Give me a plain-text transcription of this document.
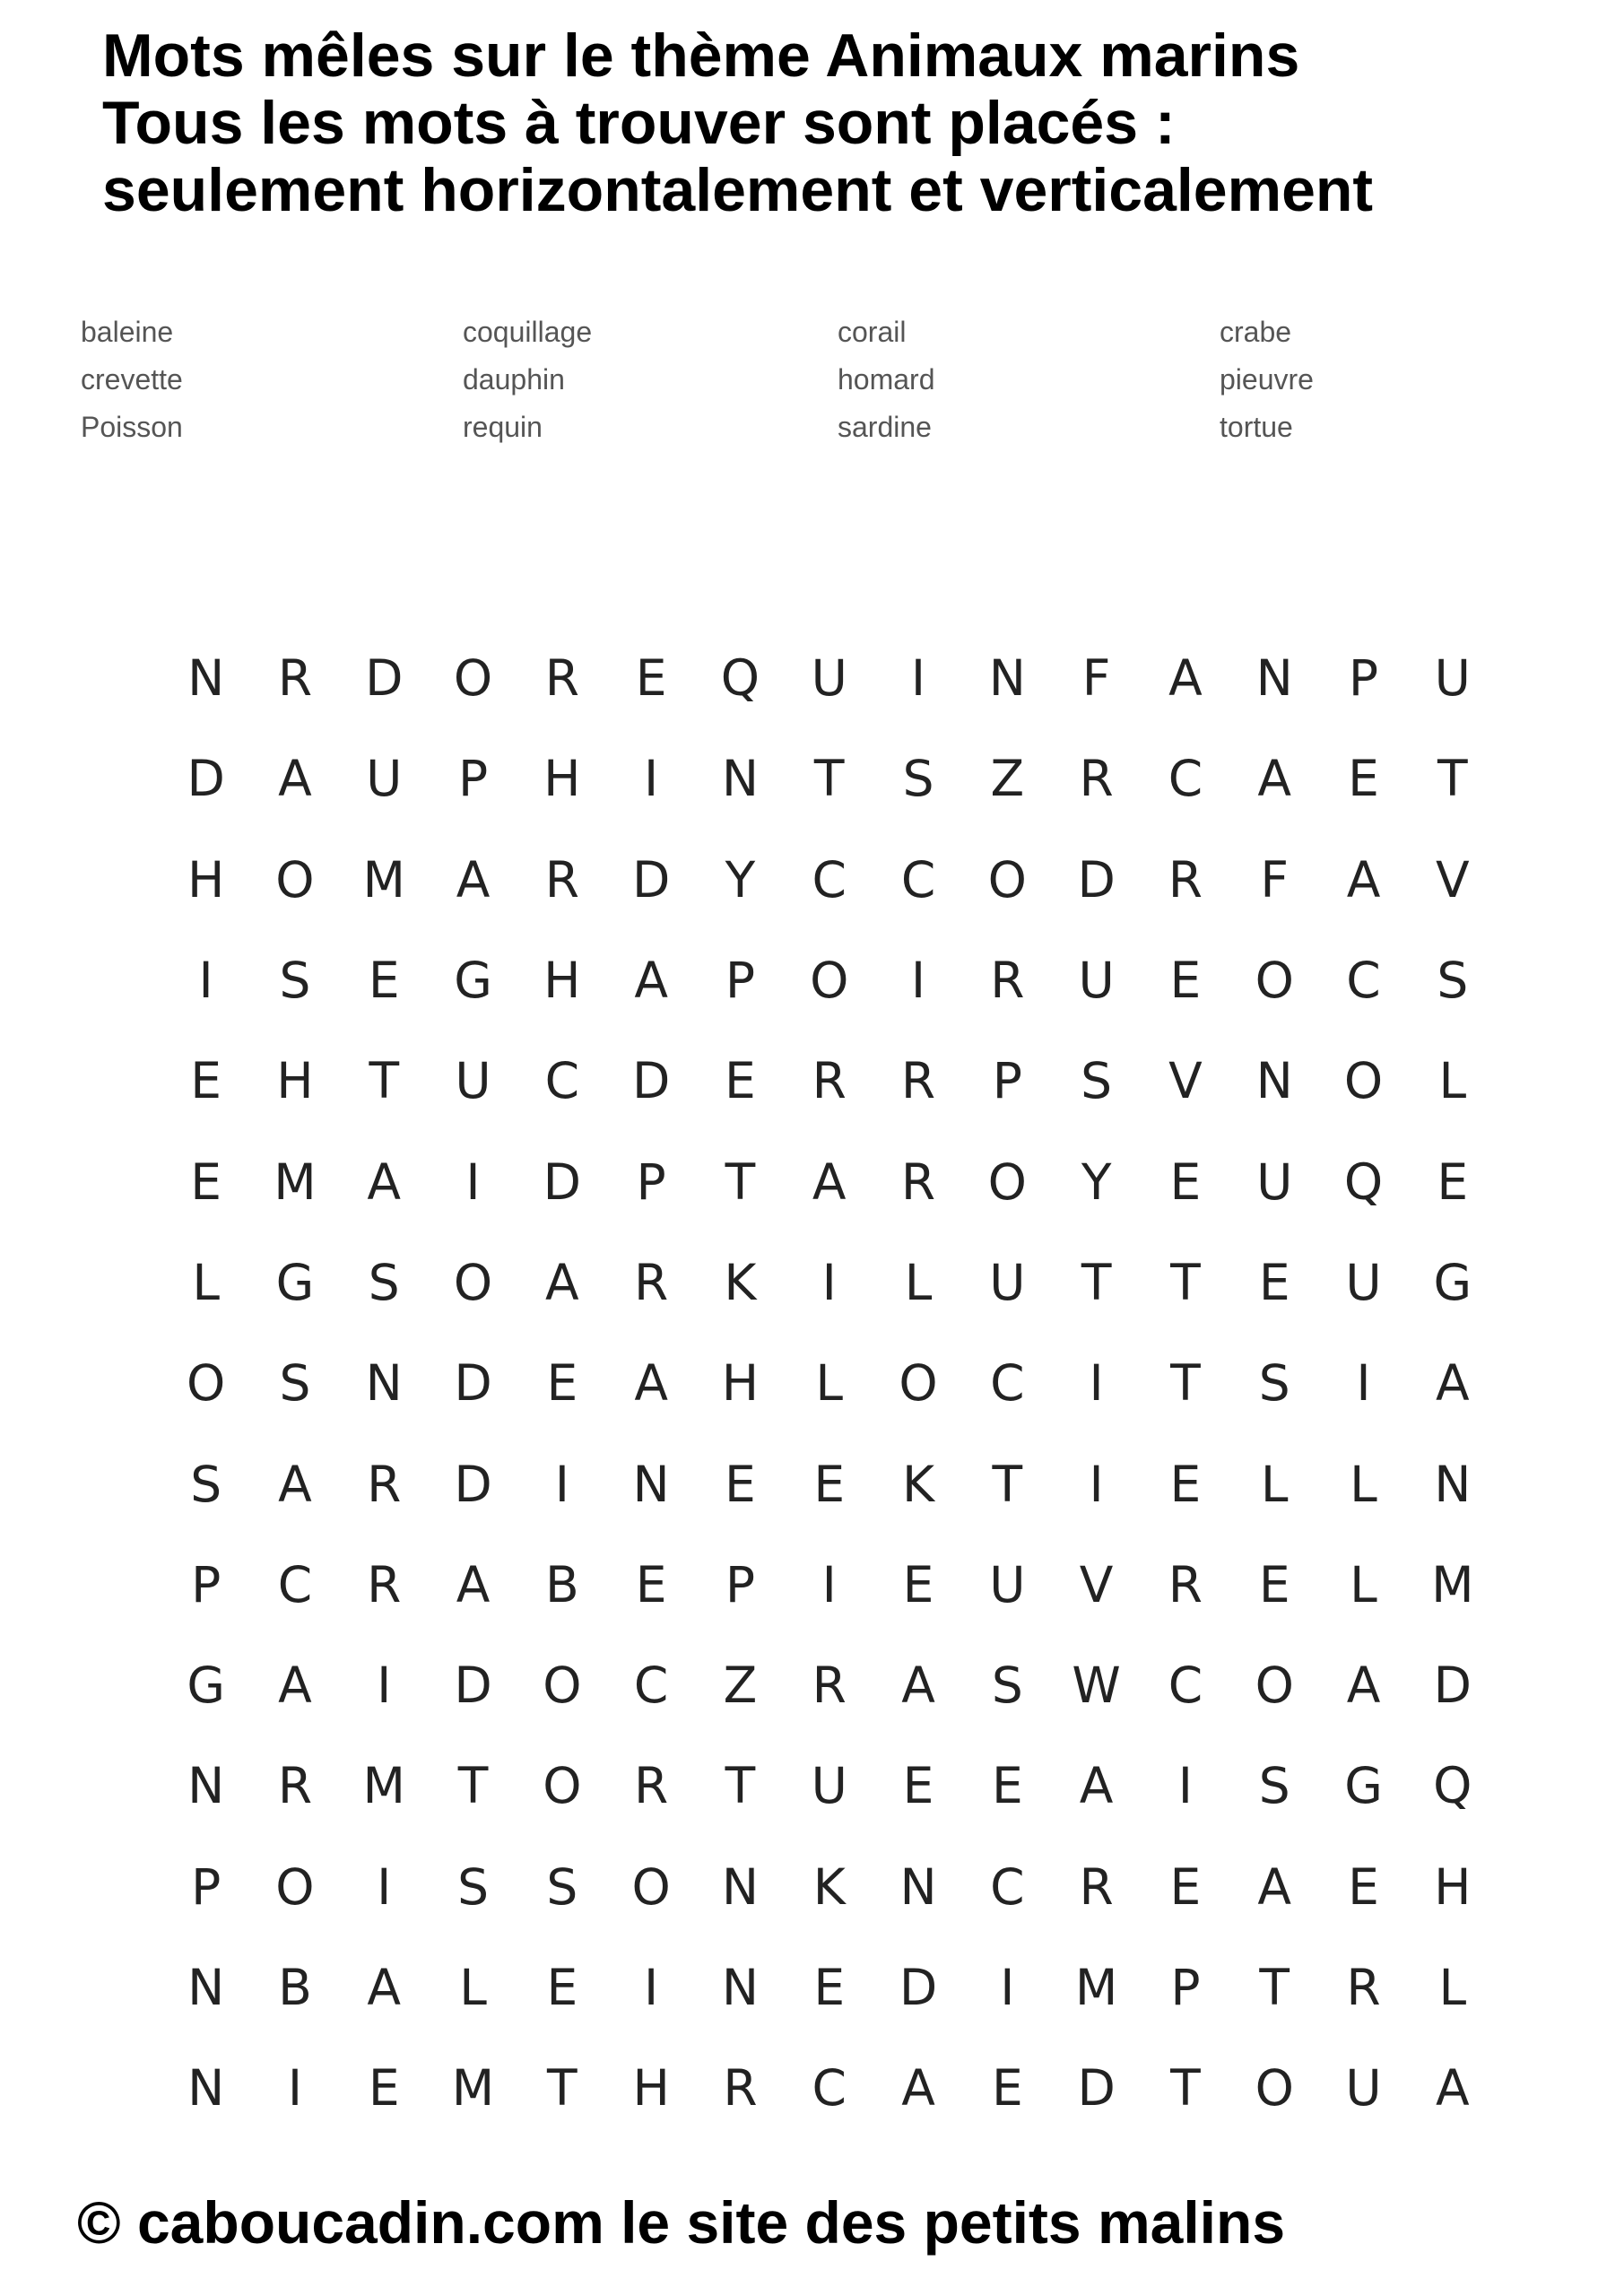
Mots mêles sur le thème Animaux marins
Tous les mots à trouver sont placés :
seulement horizontalement et verticalement
baleine	coquillage	corail	crabe
crevette	dauphin	homard	pieuvre
Poisson	requin	sardine	tortue
N	R	D	O	R	E	Q	U	I	N	F	A	N	P	U
D	A	U	P	H	I	N	T	S	Z	R	C	A	E	T
H	O M	A	R	D	Y	C	C	O	D	R	F	A	V
I	S	E	G	H	A	P	O	I	R	U	E	O	C	S
E	H	T	U	C	D	E	R	R	P	S	V	N	O	L
E	M	A	I	D	P	T	A	R	O	Y	E	U	Q	E
L	G	S	O	A	R	K	I	L	U	T	T	E	U	G
O	S	N	D	E	A	H	L	O	C	I	T	S	I	A
S	A	R	D	I	N	E	E	K	T	I	E	L	L	N
P	C	R	A	B	E	P	I	E	U	V	R	E	L	M
G	A	I	D	O	C	Z	R	A	S W C	O	A	D
N	R	M	T	O	R	T	U	E	E	A	I	S	G	Q
P	O	I	S	S	O	N	K	N	C	R	E	A	E	H
N	B	A	L	E	I	N	E	D	I	M	P	T	R	L
N	I	E	M	T	H	R	C	A	E	D	T	O	U	A
© caboucadin.com le site des petits malins
